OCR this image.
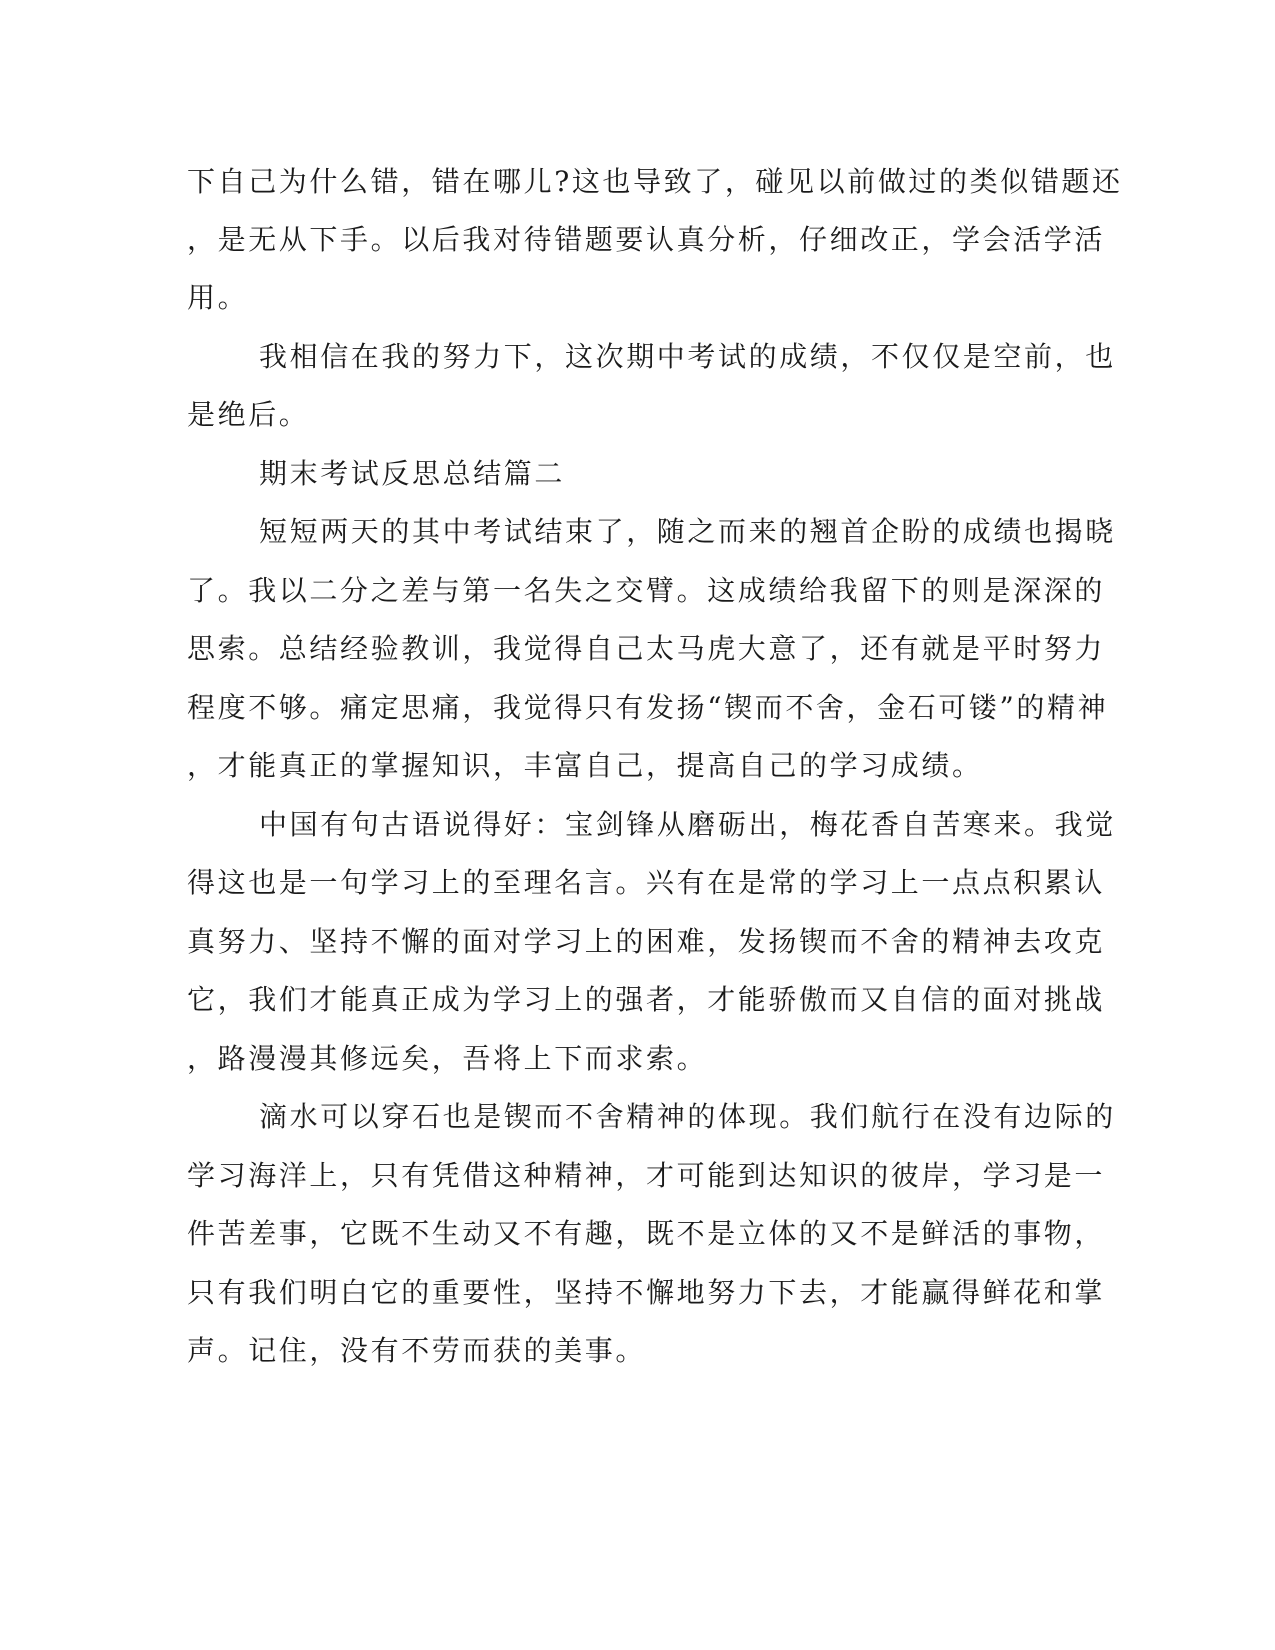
下自己为什么错，错在哪儿?这也导致了，碰见以前做过的类似错题还
，是无从下手。以后我对待错题要认真分析，仔细改正，学会活学活
用。
我相信在我的努力下，这次期中考试的成绩，不仅仅是空前，也
是绝后。
期末考试反思总结篇二
短短两天的其中考试结束了，随之而来的翘首企盼的成绩也揭晓
了。我以二分之差与第一名失之交臂。这成绩给我留下的则是深深的
思索。总结经验教训，我觉得自己太马虎大意了，还有就是平时努力
程度不够。痛定思痛，我觉得只有发扬“锲而不舍，金石可镂”的精神
，才能真正的掌握知识，丰富自己，提高自己的学习成绩。
中国有句古语说得好：宝剑锋从磨砺出，梅花香自苦寒来。我觉
得这也是一句学习上的至理名言。兴有在是常的学习上一点点积累认
真努力、坚持不懈的面对学习上的困难，发扬锲而不舍的精神去攻克
它，我们才能真正成为学习上的强者，才能骄傲而又自信的面对挑战
，路漫漫其修远矣，吾将上下而求索。
滴水可以穿石也是锲而不舍精神的体现。我们航行在没有边际的
学习海洋上，只有凭借这种精神，才可能到达知识的彼岸，学习是一
件苦差事，它既不生动又不有趣，既不是立体的又不是鲜活的事物，
只有我们明白它的重要性，坚持不懈地努力下去，才能赢得鲜花和掌
声。记住，没有不劳而获的美事。
